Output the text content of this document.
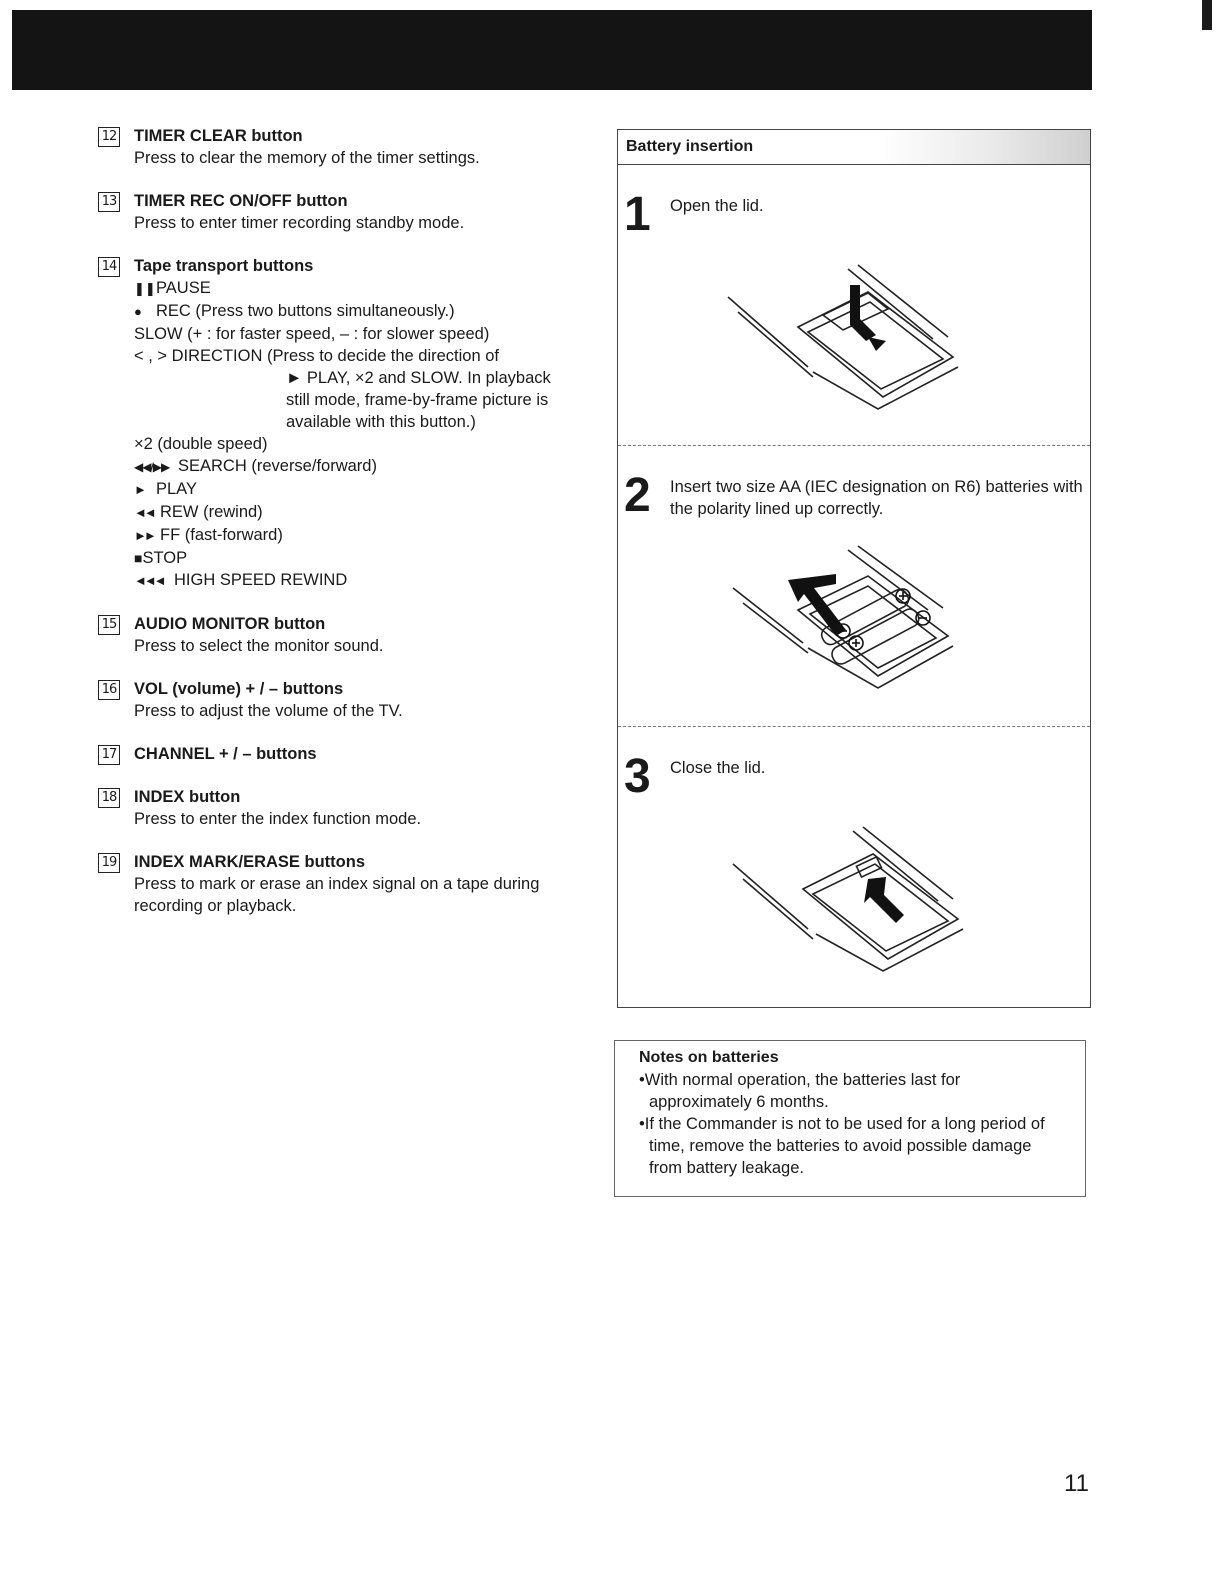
12 TIMER CLEAR button
Press to clear the memory of the timer settings.
13 TIMER REC ON/OFF button
Press to enter timer recording standby mode.
14 Tape transport buttons
❚❚PAUSE
● REC (Press two buttons simultaneously.)
SLOW (+ : for faster speed, – : for slower speed)
< , > DIRECTION (Press to decide the direction of
► PLAY, ×2 and SLOW. In playback still mode, frame-by-frame picture is available with this button.)
×2 (double speed)
◀◀/▶▶ SEARCH (reverse/forward)
► PLAY
◄◄ REW (rewind)
►► FF (fast-forward)
■STOP
◄◄◄ HIGH SPEED REWIND
15 AUDIO MONITOR button
Press to select the monitor sound.
16 VOL (volume) + / – buttons
Press to adjust the volume of the TV.
17 CHANNEL + / – buttons
18 INDEX button
Press to enter the index function mode.
19 INDEX MARK/ERASE buttons
Press to mark or erase an index signal on a tape during recording or playback.
Battery insertion
1 Open the lid.
2 Insert two size AA (IEC designation on R6) batteries with the polarity lined up correctly.
3 Close the lid.
Notes on batteries
•With normal operation, the batteries last for approximately 6 months.
•If the Commander is not to be used for a long period of time, remove the batteries to avoid possible damage from battery leakage.
11
